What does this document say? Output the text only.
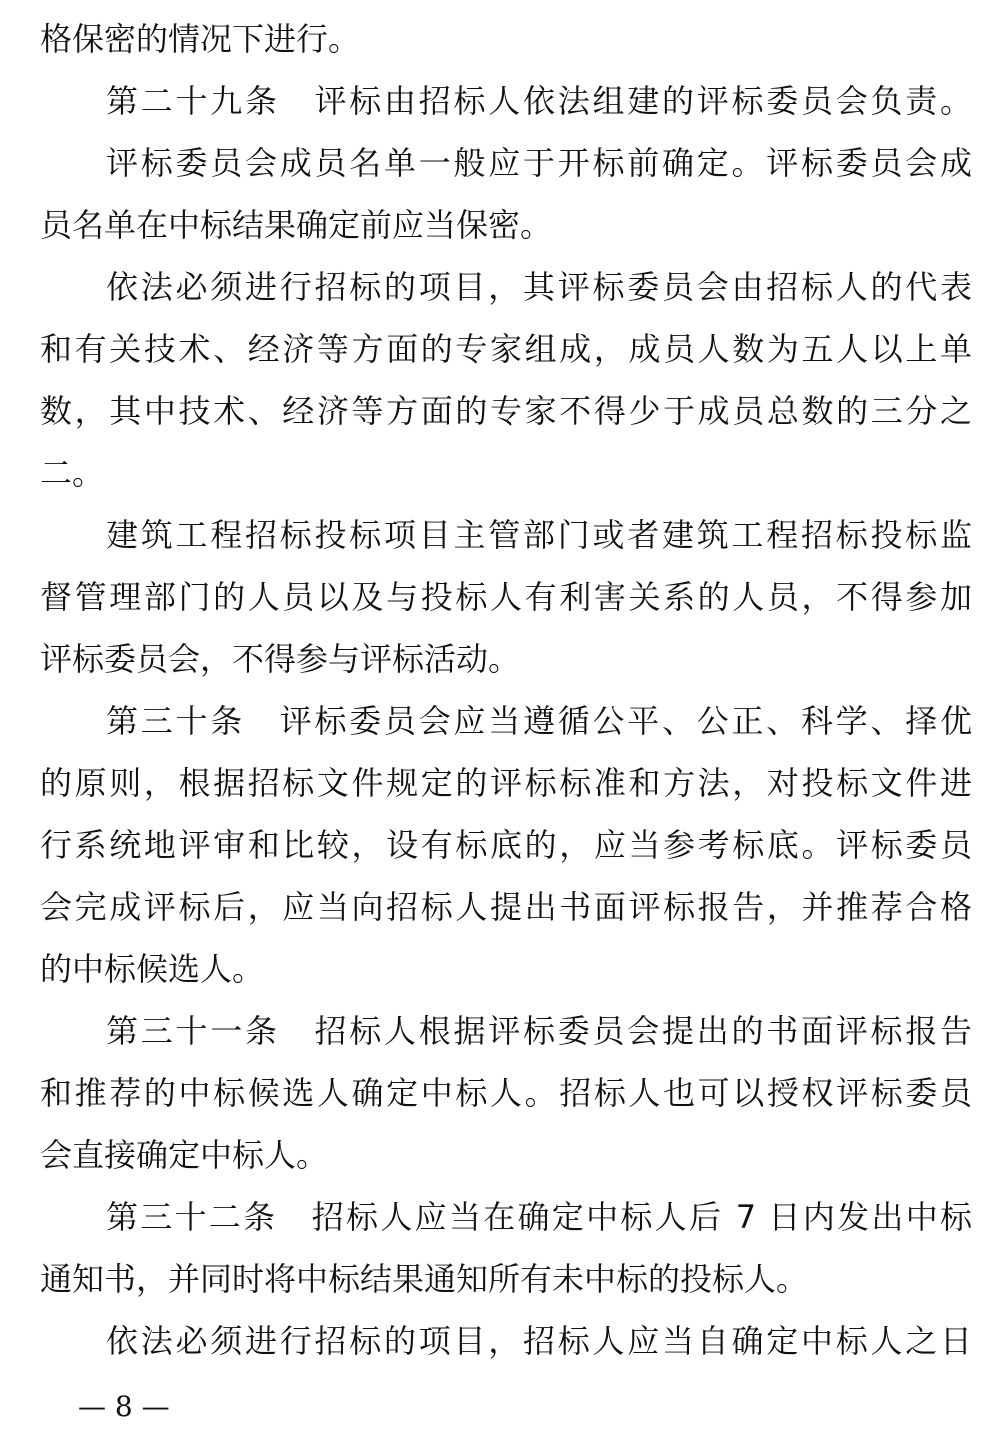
格保密的情况下进行。
第二十九条　评标由招标人依法组建的评标委员会负责。
评标委员会成员名单一般应于开标前确定。评标委员会成
员名单在中标结果确定前应当保密。
依法必须进行招标的项目，其评标委员会由招标人的代表
和有关技术、经济等方面的专家组成，成员人数为五人以上单
数，其中技术、经济等方面的专家不得少于成员总数的三分之
二。
建筑工程招标投标项目主管部门或者建筑工程招标投标监
督管理部门的人员以及与投标人有利害关系的人员，不得参加
评标委员会，不得参与评标活动。
第三十条　评标委员会应当遵循公平、公正、科学、择优
的原则，根据招标文件规定的评标标准和方法，对投标文件进
行系统地评审和比较，设有标底的，应当参考标底。评标委员
会完成评标后，应当向招标人提出书面评标报告，并推荐合格
的中标候选人。
第三十一条　招标人根据评标委员会提出的书面评标报告
和推荐的中标候选人确定中标人。招标人也可以授权评标委员
会直接确定中标人。
第三十二条　招标人应当在确定中标人后 7 日内发出中标
通知书，并同时将中标结果通知所有未中标的投标人。
依法必须进行招标的项目，招标人应当自确定中标人之日
— 8 —
